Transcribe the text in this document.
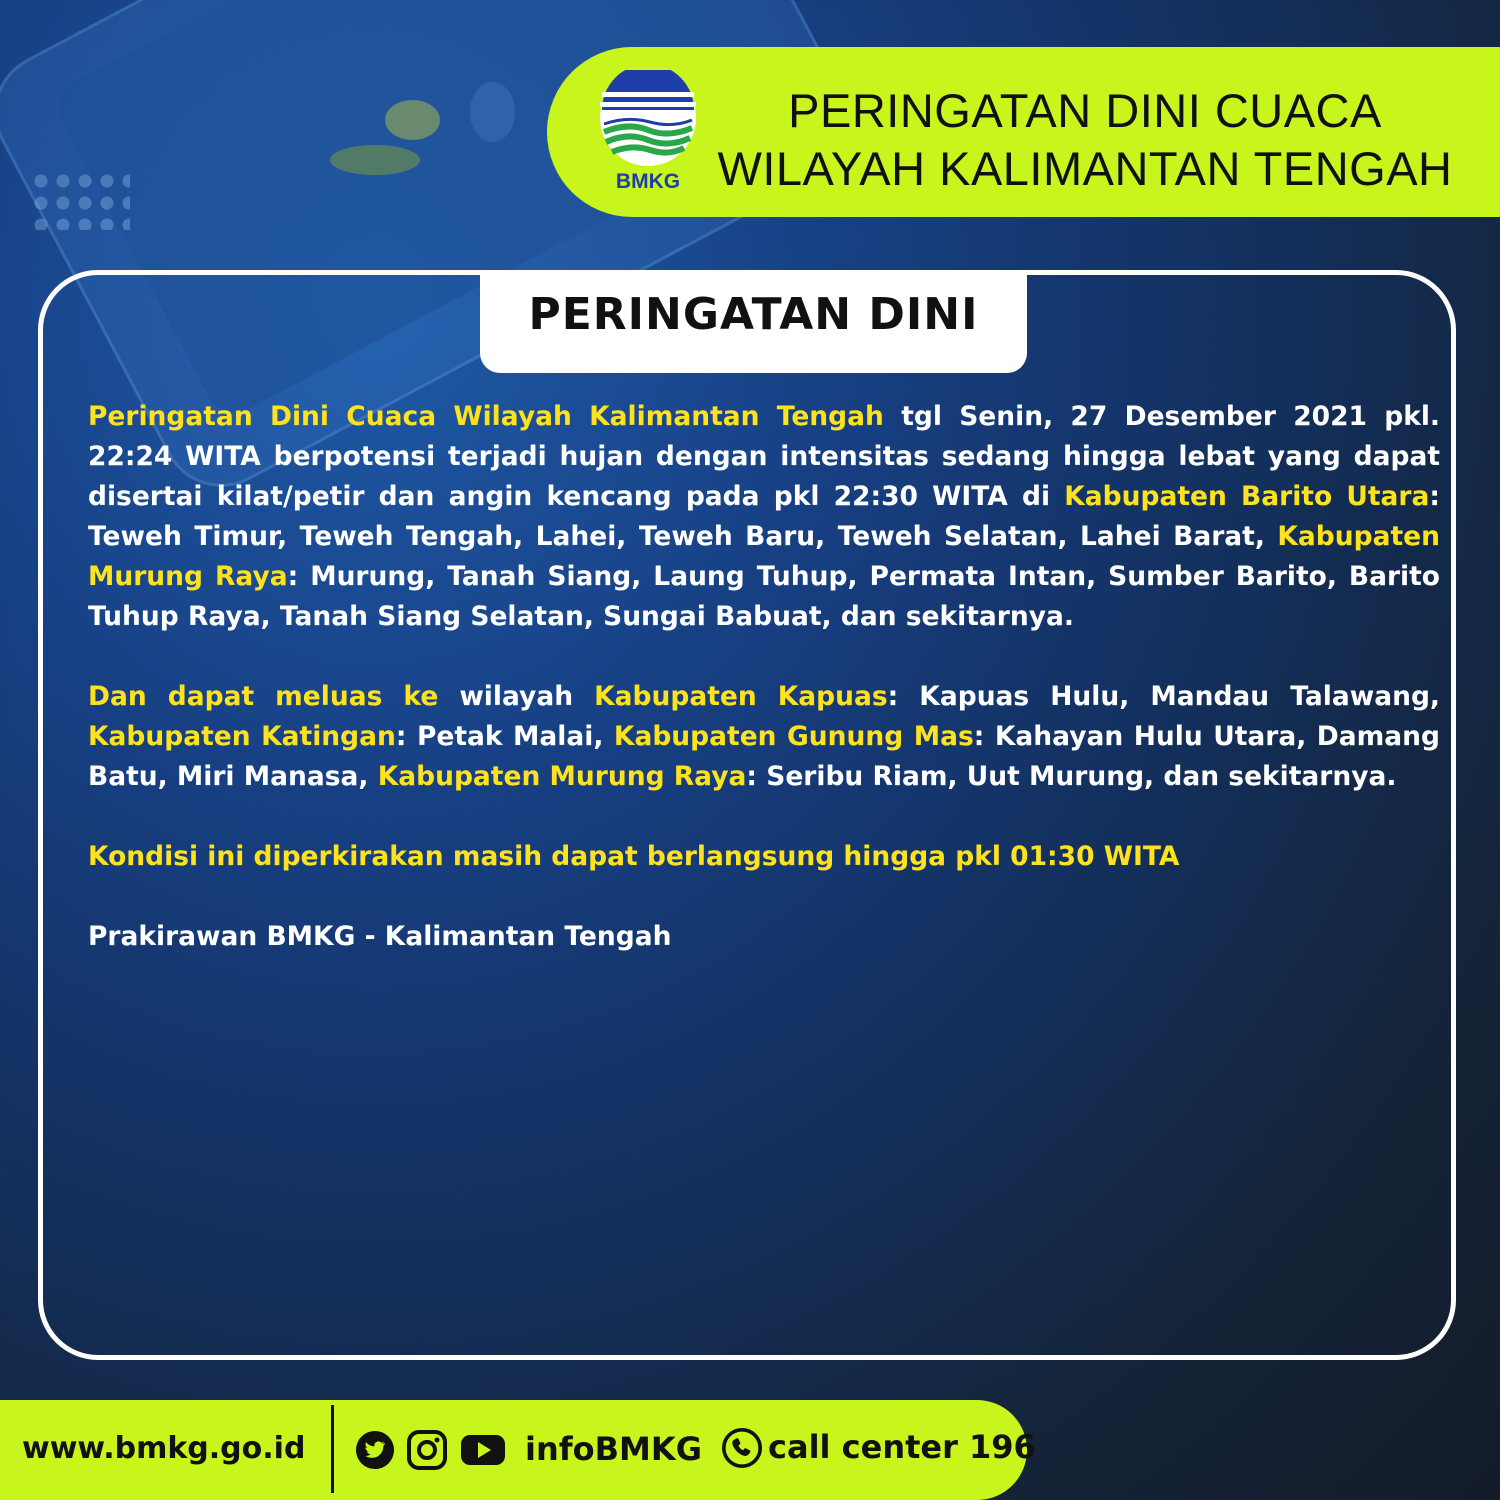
BMKG
PERINGATAN DINI CUACA
WILAYAH KALIMANTAN TENGAH
PERINGATAN DINI

Peringatan Dini Cuaca Wilayah Kalimantan Tengah tgl Senin, 27 Desember 2021 pkl. 22:24 WITA berpotensi terjadi hujan dengan intensitas sedang hingga lebat yang dapat disertai kilat/petir dan angin kencang pada pkl 22:30 WITA di Kabupaten Barito Utara: Teweh Timur, Teweh Tengah, Lahei, Teweh Baru, Teweh Selatan, Lahei Barat, Kabupaten Murung Raya: Murung, Tanah Siang, Laung Tuhup, Permata Intan, Sumber Barito, Barito Tuhup Raya, Tanah Siang Selatan, Sungai Babuat, dan sekitarnya.

Dan dapat meluas ke wilayah Kabupaten Kapuas: Kapuas Hulu, Mandau Talawang, Kabupaten Katingan: Petak Malai, Kabupaten Gunung Mas: Kahayan Hulu Utara, Damang Batu, Miri Manasa, Kabupaten Murung Raya: Seribu Riam, Uut Murung, dan sekitarnya.

Kondisi ini diperkirakan masih dapat berlangsung hingga pkl 01:30 WITA

Prakirawan BMKG - Kalimantan Tengah

www.bmkg.go.id	infoBMKG call center 196
